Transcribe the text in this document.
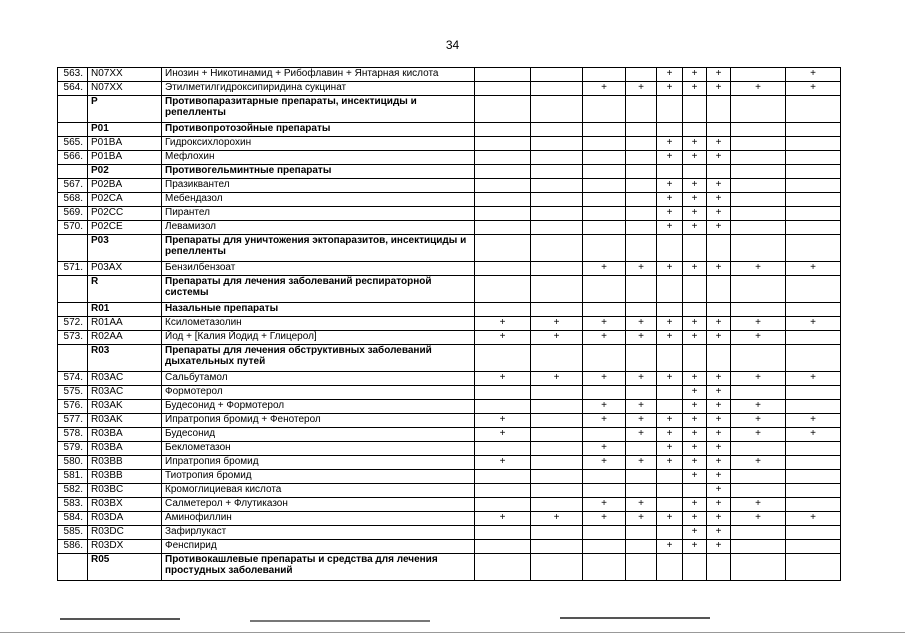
34
563.	N07XX	Инозин + Никотинамид + Рибофлавин + Янтарная кислота					+	+	+		+
564.	N07XX	Этилметилгидроксипиридина сукцинат			+	+	+	+	+	+	+
	P	Противопаразитарные препараты, инсектициды и репелленты									
	P01	Противопротозойные препараты									
565.	P01BA	Гидроксихлорохин					+	+	+		
566.	P01BA	Мефлохин					+	+	+		
	P02	Противогельминтные препараты									
567.	P02BA	Празиквантел					+	+	+		
568.	P02CA	Мебендазол					+	+	+		
569.	P02CC	Пирантел					+	+	+		
570.	P02CE	Левамизол					+	+	+		
	P03	Препараты для уничтожения эктопаразитов, инсектициды и репелленты									
571.	P03AX	Бензилбензоат			+	+	+	+	+	+	+
	R	Препараты для лечения заболеваний респираторной системы									
	R01	Назальные препараты									
572.	R01AA	Ксилометазолин	+	+	+	+	+	+	+	+	+
573.	R02AA	Йод + [Калия Йодид + Глицерол]	+	+	+	+	+	+	+	+	
	R03	Препараты для лечения обструктивных заболеваний дыхательных путей									
574.	R03AC	Сальбутамол	+	+	+	+	+	+	+	+	+
575.	R03AC	Формотерол						+	+		
576.	R03AK	Будесонид + Формотерол			+	+		+	+	+	
577.	R03AK	Ипратропия бромид + Фенотерол	+		+	+	+	+	+	+	+
578.	R03BA	Будесонид	+			+	+	+	+	+	+
579.	R03BA	Беклометазон			+		+	+	+		
580.	R03BB	Ипратропия бромид	+		+	+	+	+	+	+	
581.	R03BB	Тиотропия бромид						+	+		
582.	R03BC	Кромоглициевая кислота							+		
583.	R03BX	Салметерол + Флутиказон			+	+		+	+	+	
584.	R03DA	Аминофиллин	+	+	+	+	+	+	+	+	+
585.	R03DC	Зафирлукаст						+	+		
586.	R03DX	Фенспирид					+	+	+		
	R05	Противокашлевые препараты и средства для лечения простудных заболеваний									
